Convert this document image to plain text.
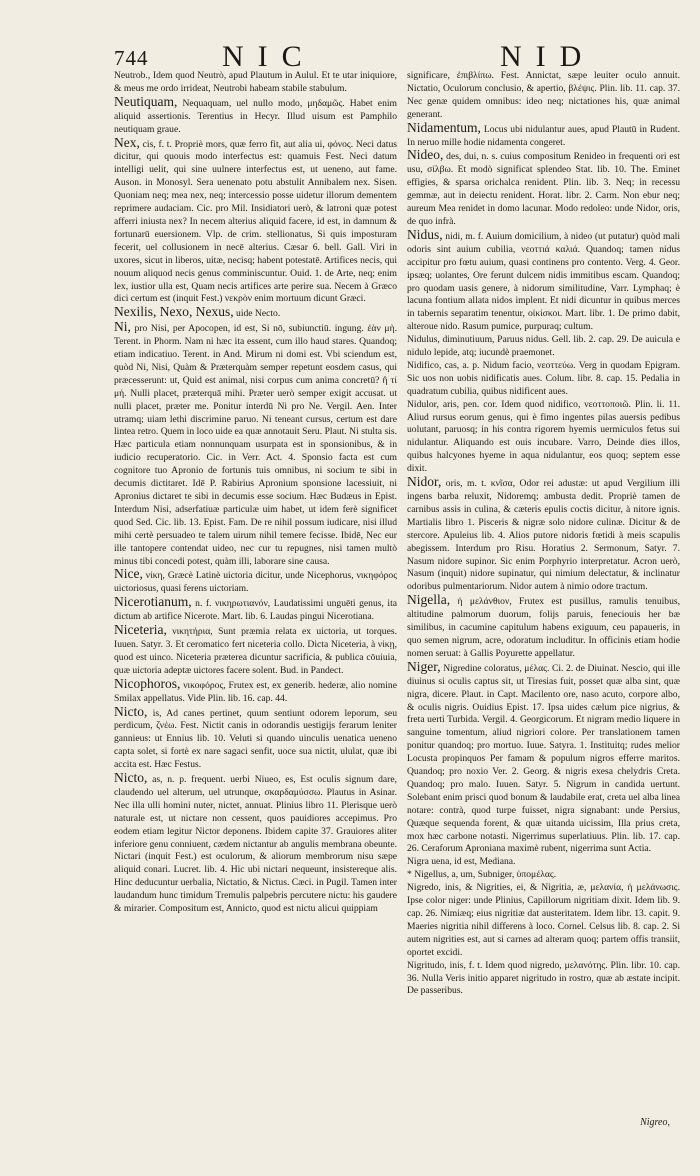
744 NIC	NID

Neutrob., Idem quod Neutrò, apud Plautum in Aulul. Et te utar iniquiore, & meus me ordo irrideat, Neutrobi habeam stabile stabulum.

Neutiquam, Nequaquam, uel nullo modo, μηδαμῶς. Habet enim aliquid assertionis. Terentius in Hecyr. Illud uisum est Pamphilo neutiquam graue.

Nex, cis, f. t. Propriè mors, quæ ferro fit, aut alia ui, φόνος. Neci datus dicitur, qui quouis modo interfectus est: quamuis Fest. Neci datum intelligi uelit, qui sine uulnere interfectus est, ut ueneno, aut fame. Auson. in Monosyl. Sera uenenato potu abstulit Annibalem nex. Sisen. Quoniam neq; mea nex, neq; intercessio posse uidetur illorum dementem reprimere audaciam. Cic. pro Mil. Insidiatori uerò, & latroni quæ potest afferri iniusta nex? In necem alterius aliquid facere, id est, in damnum & fortunarū euersionem. Vlp. de crim. stellionatus, Si quis imposturam fecerit, uel collusionem in necē alterius. Cæsar 6. bell. Gall. Viri in uxores, sicut in liberos, uitæ, necisq; habent potestatē. Artifices necis, qui nouum aliquod necis genus comminiscuntur. Ouid. 1. de Arte, neq; enim lex, iustior ulla est, Quam necis artifices arte perire sua. Necem à Græco dici certum est (inquit Fest.) νεκρὸν enim mortuum dicunt Græci.

Nexilis, Nexo, Nexus, uide Necto.

Ni, pro Nisi, per Apocopen, id est, Si nō, subiunctiū. ingung. ἐὰν μὴ. Terent. in Phorm. Nam ni hæc ita essent, cum illo haud stares. Quandoq; etiam indicatiuo. Terent. in And. Mirum ni domi est. Vbi sciendum est, quòd Ni, Nisi, Quàm & Præterquàm semper repetunt eosdem casus, qui præcesserunt: ut, Quid est animal, nisi corpus cum anima concretū? ἢ τί μή. Nulli placet, præterquā mihi. Præter uerò semper exigit accusat. ut nulli placet, præter me. Ponitur interdū Ni pro Ne. Vergil. Aen. Inter utramq; uiam lethi discrimine paruo. Ni teneant cursus, certum est dare lintea retro. Quem in loco uide ea quæ annotauit Seru. Plaut. Ni stulta sis. Hæc particula etiam nonnunquam usurpata est in sponsionibus, & in iudicio recuperatorio. Cic. in Verr. Act. 4. Sponsio facta est cum cognitore tuo Apronio de fortunis tuis omnibus, ni socium te sibi in decumis dictitaret. Idē P. Rabirius Apronium sponsione lacessiuit, ni Apronius dictaret te sibi in decumis esse socium. Hæc Budæus in Epist. Interdum Nisi, adserfatiuæ particulæ uim habet, ut idem ferè significet quod Sed. Cic. lib. 13. Epist. Fam. De re nihil possum iudicare, nisi illud mihi certè persuadeo te talem uirum nihil temere fecisse. Ibidē, Nec eur ille tantopere contendat uideo, nec cur tu repugnes, nisi tamen multò minus tibi concedi potest, quàm illi, laborare sine causa.

Nice, νίκη, Græcè Latinè uictoria dicitur, unde Nicephorus, νικηφόρος uictoriosus, quasi ferens uictoriam.

Nicerotianum, n. f. νικηρωτιανόν, Laudatissimi unguēti genus, ita dictum ab artifice Nicerote. Mart. lib. 6. Laudas pingui Nicerotiana.

Niceteria, νικητήρια, Sunt præmia relata ex uictoria, ut torques. Iuuen. Satyr. 3. Et ceromatico fert niceteria collo. Dicta Niceteria, à νίκῃ, quod est uinco. Niceteria præterea dicuntur sacrificia, & publica cōuiuia, quæ uictoria adeptæ uictores facere solent. Bud. in Pandect.

Nicophoros, νικοφόρος, Frutex est, ex generib. hederæ, alio nomine Smilax appellatus. Vide Plin. lib. 16. cap. 44.

Nicto, is, Ad canes pertinet, quum sentiunt odorem leporum, seu perdicum, ζνέω. Fest. Nictit canis in odorandis uestigijs ferarum leniter gannieus: ut Ennius lib. 10. Veluti si quando uinculis uenatica ueneno capta solet, si fortè ex nare sagaci senfit, uoce sua nictit, ululat, quæ ibi accita est. Hæc Festus.

Nicto, as, n. p. frequent. uerbi Niueo, es, Est oculis signum dare, claudendo uel alterum, uel utrunque, σκαρδαμύσσω. Plautus in Asinar. Nec illa ulli homini nuter, nictet, annuat. Plinius libro 11. Plerisque uerò naturale est, ut nictare non cessent, quos pauidiores accepimus. Pro eodem etiam legitur Nictor deponens. Ibidem capite 37. Grauiores aliter inferiore genu conniuent, cædem nictantur ab angulis membrana obeunte. Nictari (inquit Fest.) est oculorum, & aliorum membrorum nisu sæpe aliquid conari. Lucret. lib. 4. Hic ubi nictari nequeunt, insistereque alis. Hinc deducuntur uerbalia, Nictatio, & Nictus. Cæci. in Pugil. Tamen inter laudandum hunc timidum Tremulis palpebris percutere nictu: his gaudere & mirarier. Compositum est, Annicto, quod est nictu alicui quippiam

significare, ἐπιβλίπω. Fest. Annictat, sæpe leuiter oculo annuit. Nictatio, Oculorum conclusio, & apertio, βλέψις. Plin. lib. 11. cap. 37. Nec genæ quidem omnibus: ideo neq; nictationes his, quæ animal generant.

Nidamentum, Locus ubi nidulantur aues, apud Plautū in Rudent. In neruo mille hodie nidamenta congeret.

Nideo, des, dui, n. s. cuius compositum Renideo in frequenti ori est usu, σίλβω. Et modò significat splendeo Stat. lib. 10. The. Eminet effigies, & sparsa orichalca renident. Plin. lib. 3. Neq; in recessu gemmæ, aut in deiectu renident. Horat. libr. 2. Carm. Non ebur neq; aureum Mea renidet in domo lacunar. Modo redoleo: unde Nidor, oris, de quo infrà.

Nidus, nidi, m. f. Auium domicilium, à nideo (ut putatur) quòd mali odoris sint auium cubilia, νεοττιά καλιά. Quandoq; tamen nidus accipitur pro fœtu auium, quasi continens pro contento. Verg. 4. Geor. ipsæq; uolantes, Ore ferunt dulcem nidis immitibus escam. Quandoq; pro quodam uasis genere, à nidorum similitudine, Varr. Lymphaq; è lacuna fontium allata nidos implent. Et nidi dicuntur in quibus merces in tabernis separatim tenentur, οἰκίσκοι. Mart. libr. 1. De primo dabit, alteroue nido. Rasum pumice, purpuraq; cultum.

Nidulus, diminutiuum, Paruus nidus. Gell. lib. 2. cap. 29. De auicula e nidulo lepide, atq; iucundè praemonet.

Nidifico, cas, a. p. Nidum facio, νεοττεύω. Verg in quodam Epigram. Sic uos non uobis nidificatis aues. Colum. libr. 8. cap. 15. Pedalia in quadratum cubilia, quibus nidificent aues.

Nidulor, aris, pen. cor. Idem quod nidifico, νεοττοποιῶ. Plin. li. 11. Aliud rursus eorum genus, qui è fimo ingentes pilas auersis pedibus uolutant, paruosq; in his contra rigorem hyemis uermiculos fetus sui nidulantur. Aliquando est ouis incubare. Varro, Deinde dies illos, quibus halcyones hyeme in aqua nidulantur, eos quoq; septem esse dixit.

Nidor, oris, m. t. κνῖσα, Odor rei adustæ: ut apud Vergilium illi ingens barba reluxit, Nidoremq; ambusta dedit. Propriè tamen de carnibus assis in culina, & cæteris epulis coctis dicitur, à nitore ignis. Martialis libro 1. Pisceris & nigræ solo nidore culinæ. Dicitur & de stercore. Apuleius lib. 4. Alios putore nidoris fœtidi à meis scapulis abegissem. Interdum pro Risu. Horatius 2. Sermonum, Satyr. 7. Nasum nidore supinor. Sic enim Porphyrio interpretatur. Acron uerò, Nasum (inquit) nidore supinatur, qui nimium delectatur, & inclinatur odoribus pulmentariorum. Nidor autem à nimio odore tractum.

Nigella, ἡ μελάνθιον, Frutex est pusillus, ramulis tenuibus, altitudine palmorum duorum, folijs paruis, feneciouis her bæ similibus, in cacumine capitulum habens exiguum, ceu papaueris, in quo semen nigrum, acre, odoratum includitur. In officinis etiam hodie nomen seruat: à Gallis Poyurette appellatur.

Niger, Nigredine coloratus, μέλας. Ci. 2. de Diuinat. Nescio, qui ille diuinus si oculis captus sit, ut Tiresias fuit, posset quæ alba sint, quæ nigra, dicere. Plaut. in Capt. Macilento ore, naso acuto, corpore albo, & oculis nigris. Ouidius Epist. 17. Ipsa uides cælum pice nigrius, & freta uerti Turbida. Vergil. 4. Georgicorum. Et nigram medio liquere in sanguine tomentum, aliud nigriori colore. Per translationem tamen ponitur quandoq; pro mortuo. Iuue. Satyra. 1. Instituitq; rudes melior Locusta propinquos Per famam & populum nigros efferre maritos. Quandoq; pro noxio Ver. 2. Georg. & nigris exesa chelydris Creta. Quandoq; pro malo. Iuuen. Satyr. 5. Nigrum in candida uertunt. Solebant enim prisci quod bonum & laudabile erat, creta uel alba linea notare: contrà, quod turpe fuisset, nigra signabant: unde Persius, Quæque sequenda forent, & quæ uitanda uicissim, Illa prius creta, mox hæc carbone notasti. Nigerrimus superlatiuus. Plin. lib. 17. cap. 26. Ceraforum Aproniana maximè rubent, nigerrima sunt Actia.

Nigra uena, id est, Mediana.

* Nigellus, a, um, Subniger, ὑπομέλας.

Nigredo, inis, & Nigrities, ei, & Nigritia, æ, μελανία, ἡ μελάνωσις. Ipse color niger: unde Plinius, Capillorum nigritiam dixit. Idem lib. 9. cap. 26. Nimiæq; eius nigritiæ dat austeritatem. Idem libr. 13. capit. 9. Maeries nigritia nihil differens à loco. Cornel. Celsus lib. 8. cap. 2. Si autem nigrities est, aut si carnes ad alteram quoq; partem offis transiit, oportet excidi.

Nigritudo, inis, f. t. Idem quod nigredo, μελανότης. Plin. libr. 10. cap. 36. Nulla Veris initio apparet nigritudo in rostro, quæ ab æstate incipit. De passeribus.

Nigreo,
